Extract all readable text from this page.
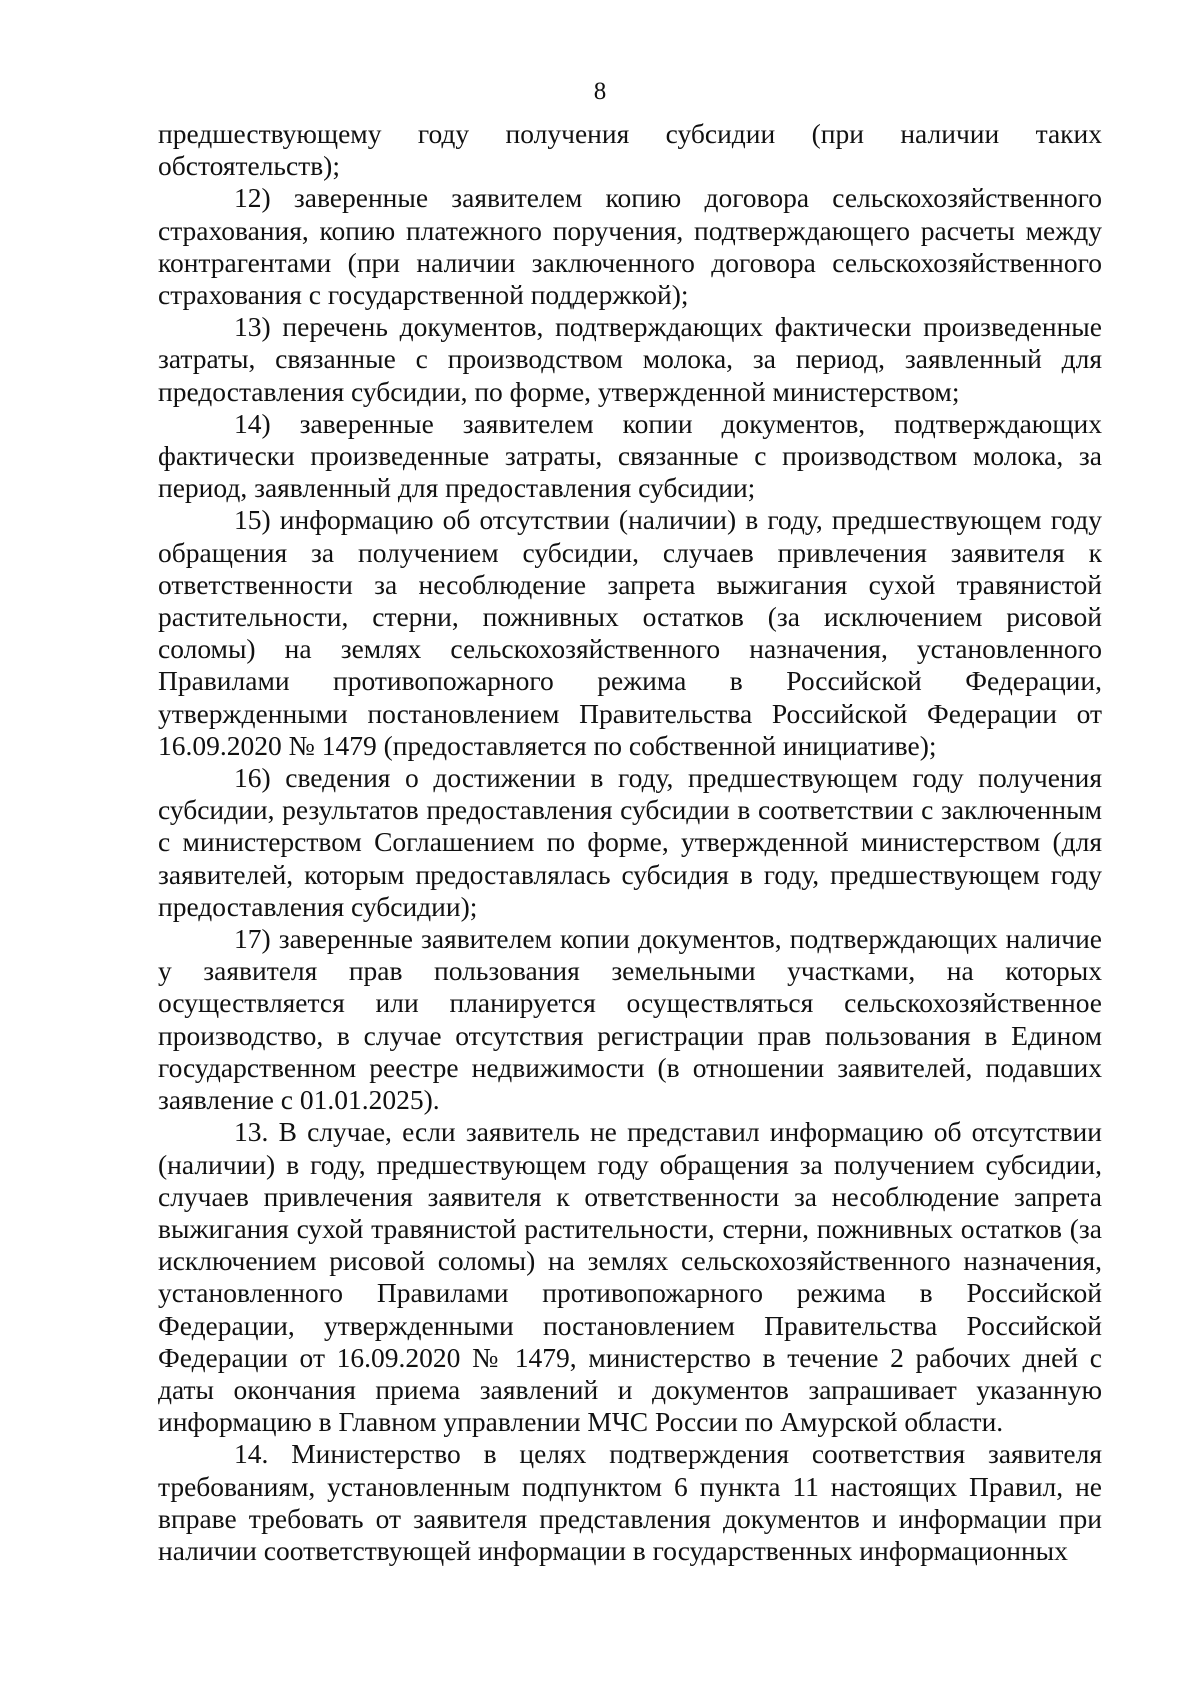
8

предшествующему году получения субсидии (при наличии таких обстоятельств);

12) заверенные заявителем копию договора сельскохозяйственного страхования, копию платежного поручения, подтверждающего расчеты между контрагентами (при наличии заключенного договора сельскохозяйственного страхования с государственной поддержкой);

13) перечень документов, подтверждающих фактически произведенные затраты, связанные с производством молока, за период, заявленный для предоставления субсидии, по форме, утвержденной министерством;

14) заверенные заявителем копии документов, подтверждающих фактически произведенные затраты, связанные с производством молока, за период, заявленный для предоставления субсидии;

15) информацию об отсутствии (наличии) в году, предшествующем году обращения за получением субсидии, случаев привлечения заявителя к ответственности за несоблюдение запрета выжигания сухой травянистой растительности, стерни, пожнивных остатков (за исключением рисовой соломы) на землях сельскохозяйственного назначения, установленного Правилами противопожарного режима в Российской Федерации, утвержденными постановлением Правительства Российской Федерации от 16.09.2020 № 1479 (предоставляется по собственной инициативе);

16) сведения о достижении в году, предшествующем году получения субсидии, результатов предоставления субсидии в соответствии с заключенным с министерством Соглашением по форме, утвержденной министерством (для заявителей, которым предоставлялась субсидия в году, предшествующем году предоставления субсидии);

17) заверенные заявителем копии документов, подтверждающих наличие у заявителя прав пользования земельными участками, на которых осуществляется или планируется осуществляться сельскохозяйственное производство, в случае отсутствия регистрации прав пользования в Едином государственном реестре недвижимости (в отношении заявителей, подавших заявление с 01.01.2025).

13. В случае, если заявитель не представил информацию об отсутствии (наличии) в году, предшествующем году обращения за получением субсидии, случаев привлечения заявителя к ответственности за несоблюдение запрета выжигания сухой травянистой растительности, стерни, пожнивных остатков (за исключением рисовой соломы) на землях сельскохозяйственного назначения, установленного Правилами противопожарного режима в Российской Федерации, утвержденными постановлением Правительства Российской Федерации от 16.09.2020 № 1479, министерство в течение 2 рабочих дней с даты окончания приема заявлений и документов запрашивает указанную информацию в Главном управлении МЧС России по Амурской области.

14. Министерство в целях подтверждения соответствия заявителя требованиям, установленным подпунктом 6 пункта 11 настоящих Правил, не вправе требовать от заявителя представления документов и информации при наличии соответствующей информации в государственных информационных
